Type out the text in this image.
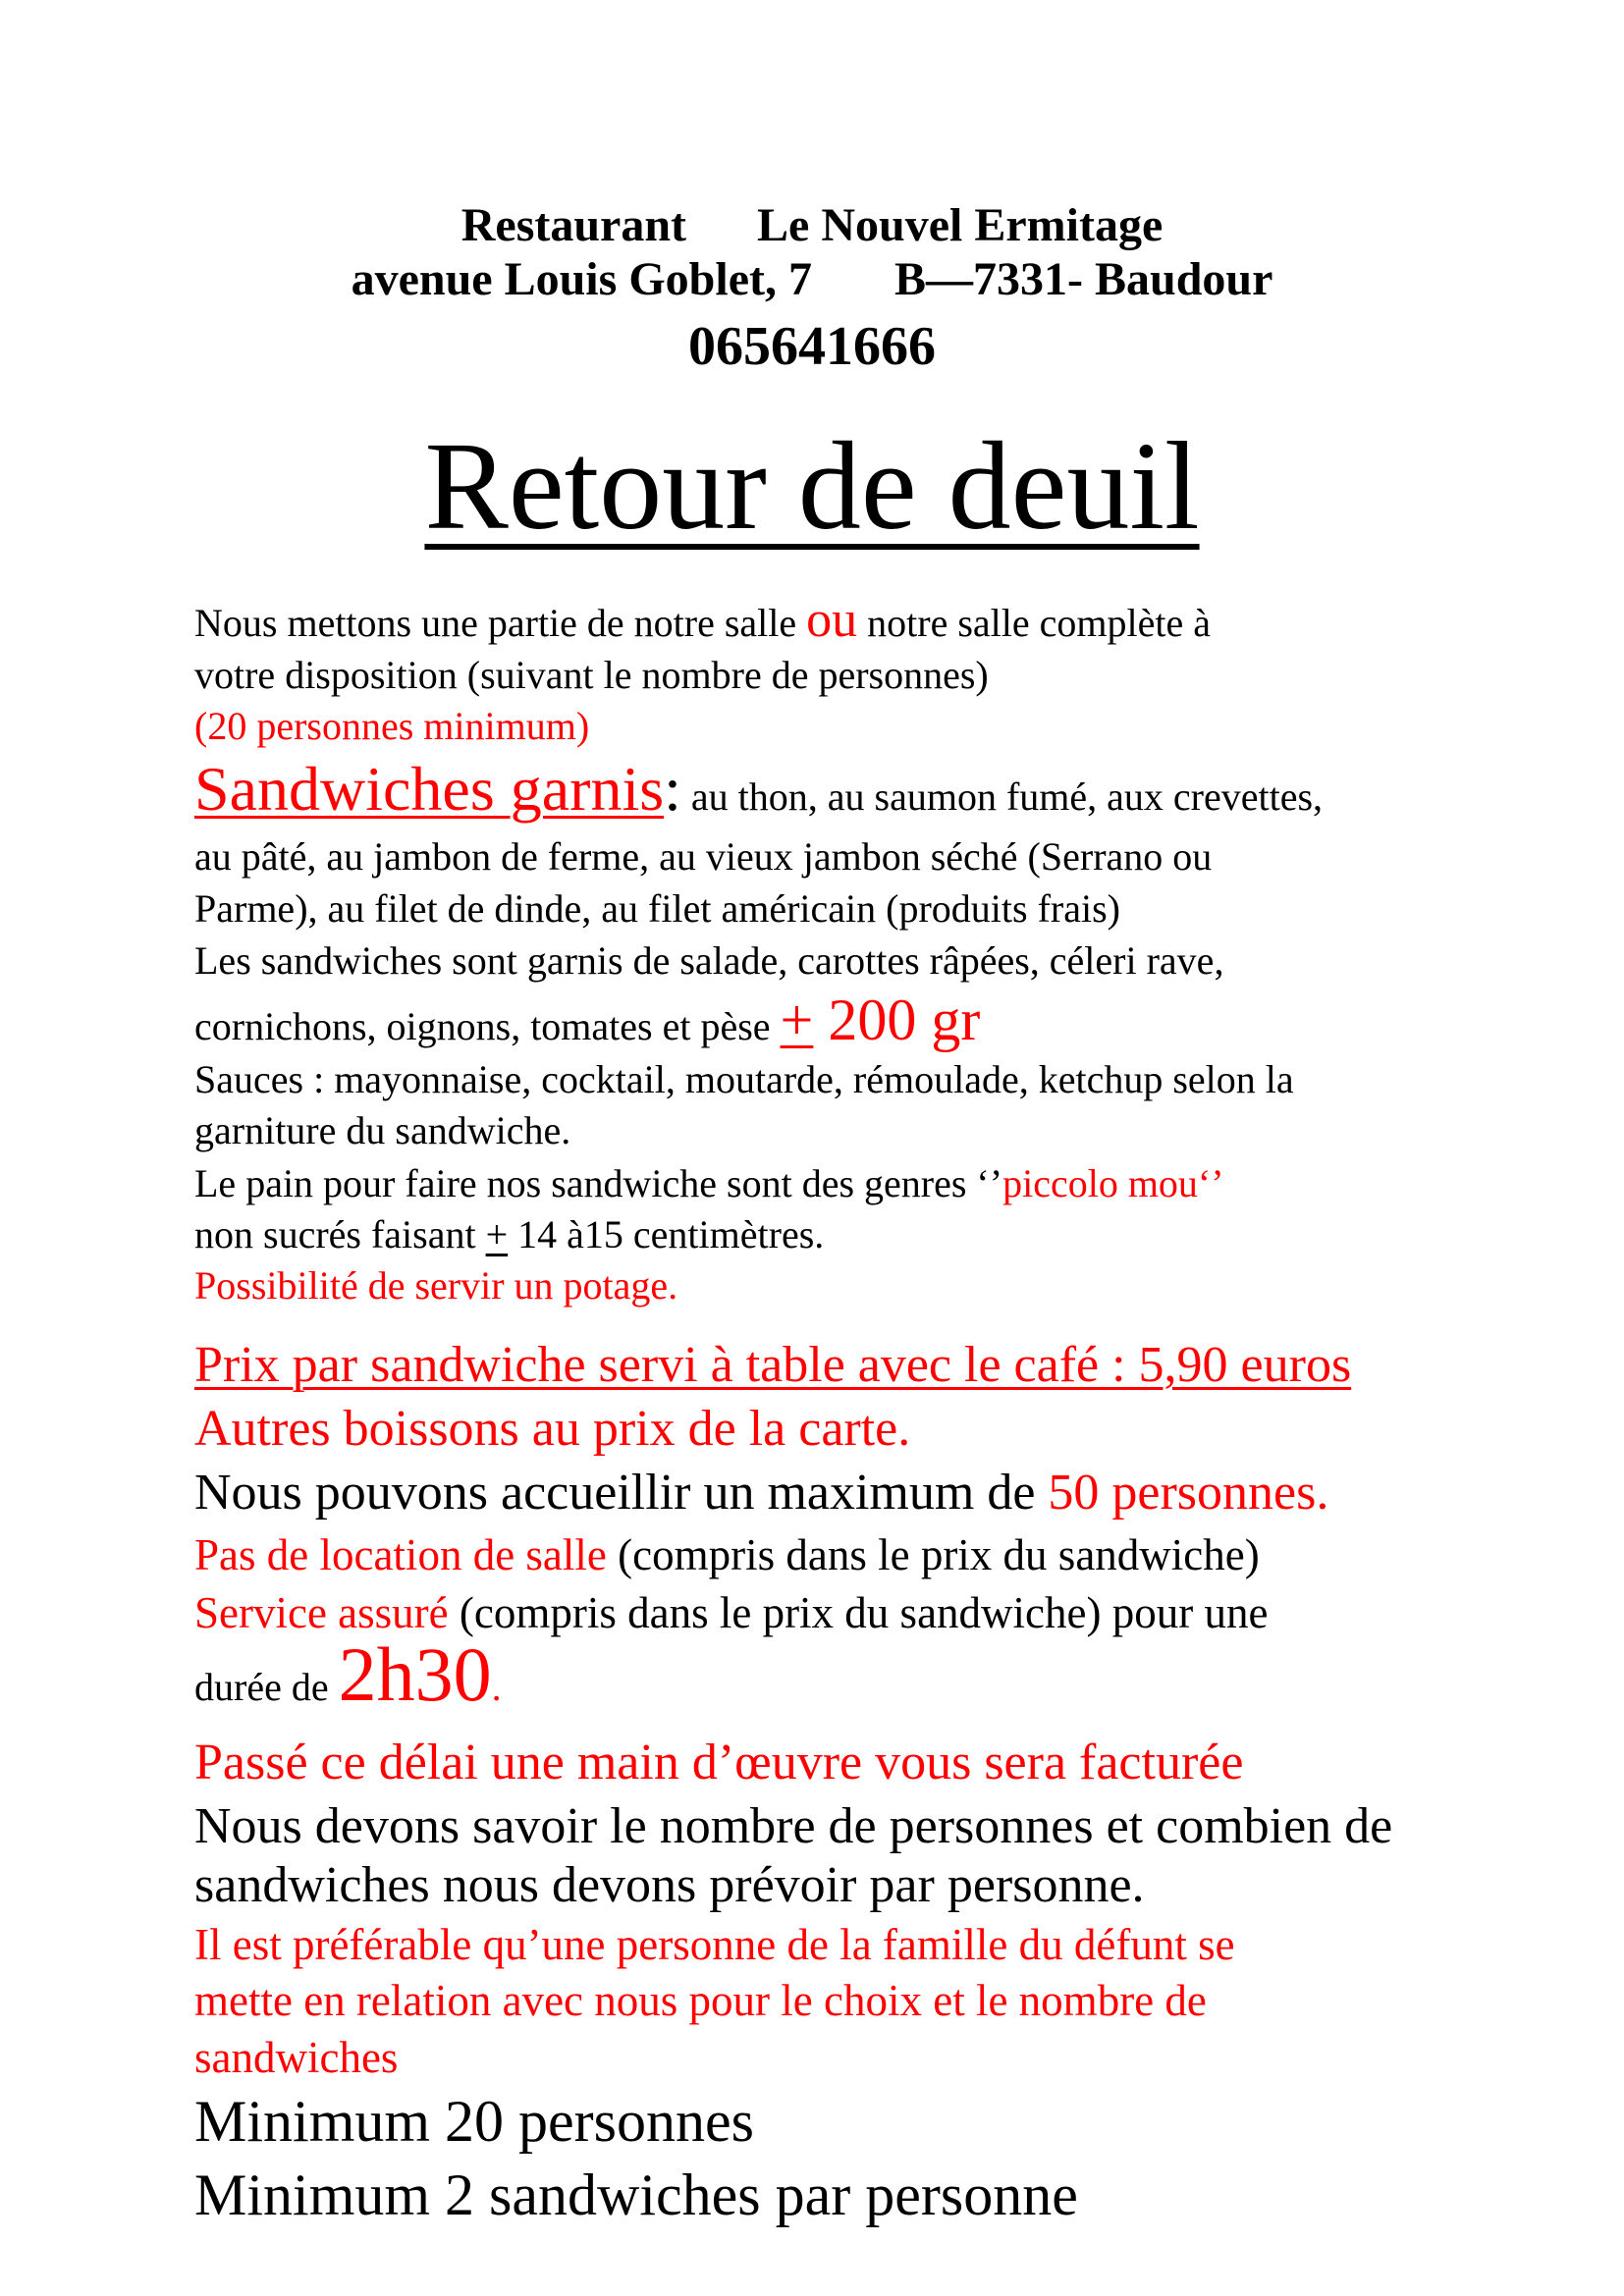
Restaurant      Le Nouvel Ermitage
avenue Louis Goblet, 7       B—7331- Baudour
065641666
Retour de deuil
Nous mettons une partie de notre salle ou notre salle complète à
votre disposition (suivant le nombre de personnes)
(20 personnes minimum)
Sandwiches garnis: au thon, au saumon fumé, aux crevettes,
au pâté, au jambon de ferme, au vieux jambon séché (Serrano ou
Parme), au filet de dinde, au filet américain (produits frais)
Les sandwiches sont garnis de salade, carottes râpées, céleri rave,
cornichons, oignons, tomates et pèse + 200 gr
Sauces : mayonnaise, cocktail, moutarde, rémoulade, ketchup selon la
garniture du sandwiche.
Le pain pour faire nos sandwiche sont des genres ‘’piccolo mou‘’
non sucrés faisant + 14 à15 centimètres.
Possibilité de servir un potage.
Prix par sandwiche servi à table avec le café : 5,90 euros
Autres boissons au prix de la carte.
Nous pouvons accueillir un maximum de 50 personnes.
Pas de location de salle (compris dans le prix du sandwiche)
Service assuré (compris dans le prix du sandwiche) pour une
durée de 2h30.
Passé ce délai une main d’œuvre vous sera facturée
Nous devons savoir le nombre de personnes et combien de
sandwiches nous devons prévoir par personne.
Il est préférable qu’une personne de la famille du défunt se
mette en relation avec nous pour le choix et le nombre de
sandwiches
Minimum 20 personnes
Minimum 2 sandwiches par personne
